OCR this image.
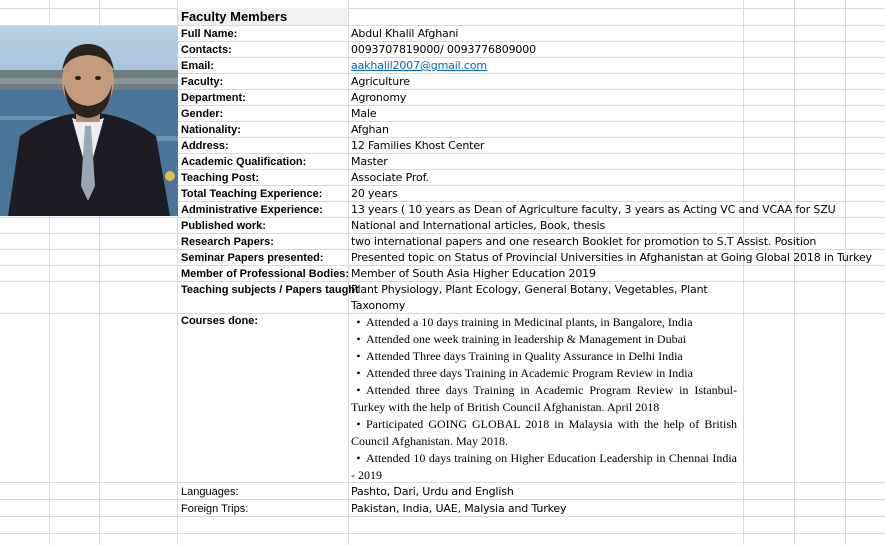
Faculty Members
Full Name:	Abdul Khalil Afghani
Contacts:	0093707819000/ 0093776809000
Email:	aakhalil2007@gmail.com
Faculty:	Agriculture
Department:	Agronomy
Gender:	Male
Nationality:	Afghan
Address:	12 Families Khost Center
Academic Qualification:	Master
Teaching Post:	Associate Prof.
Total Teaching Experience:	20 years
Administrative Experience:	13 years ( 10 years as Dean of Agriculture faculty, 3 years as Acting VC and VCAA for SZU
Published work:	National and International articles, Book, thesis
Research Papers:	two international papers and one research Booklet for promotion to S.T Assist. Position
Seminar Papers presented:	Presented topic on Status of Provincial Universities in Afghanistan at Going Global 2018 in Turkey
Member of Professional Bodies: Member of South Asia Higher Education 2019
Teaching subjects / Papers taught
Plant Physiology, Plant Ecology, General Botany, Vegetables, Plant Taxonomy
Courses done:	• Attended a 10 days training in Medicinal plants, in Bangalore, India
• Attended one week training in leadership & Management in Dubai
• Attended Three days Training in Quality Assurance in Delhi India
• Attended three days Training in Academic Program Review in India
• Attended three days Training in Academic Program Review in Istanbul- Turkey with the help of British Council Afghanistan. April 2018
• Participated GOING GLOBAL 2018 in Malaysia with the help of British Council Afghanistan. May 2018.
• Attended 10 days training on Higher Education Leadership in Chennai India - 2019
Languages:	Pashto, Dari, Urdu and English
Foreign Trips:	Pakistan, India, UAE, Malysia and Turkey
